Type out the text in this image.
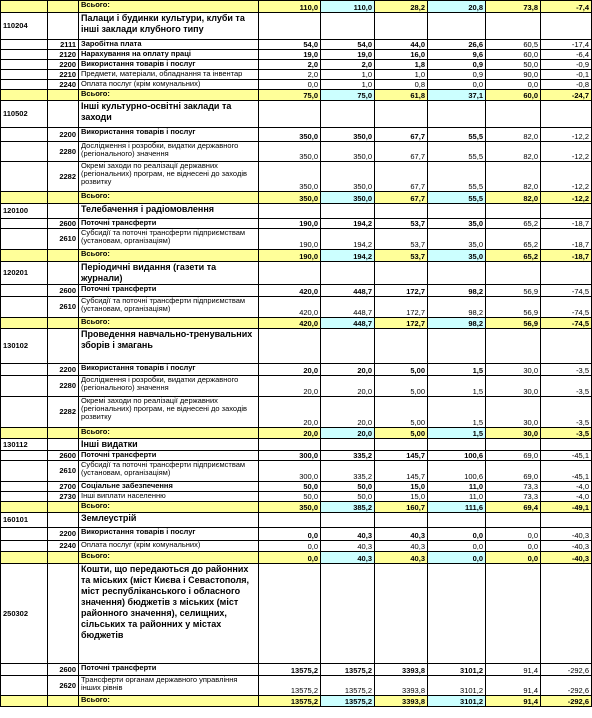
		Всього:	110,0	110,0	28,2	20,8	73,8	-7,4
110204		Палаци і будинки культури, клуби та інші заклади клубного типу						
	2111	Заробітна плата	54,0	54,0	44,0	26,6	60,5	-17,4
	2120	Нарахування на оплату праці	19,0	19,0	16,0	9,6	60,0	-6,4
	2200	Використання товарів і послуг	2,0	2,0	1,8	0,9	50,0	-0,9
	2210	Предмети, матеріали, обладнання та інвентар	2,0	1,0	1,0	0,9	90,0	-0,1
	2240	Оплата послуг (крім комунальних)	0,0	1,0	0,8	0,0	0,0	-0,8
		Всього:	75,0	75,0	61,8	37,1	60,0	-24,7
110502		Інші культурно-освітні заклади та заходи						
	2200	Використання товарів і послуг	350,0	350,0	67,7	55,5	82,0	-12,2
	2280	Дослідження і розробки, видатки державного (регіонального) значення	350,0	350,0	67,7	55,5	82,0	-12,2
	2282	Окремі заходи по реалізації державних (регіональних) програм, не віднесені до заходів розвитку	350,0	350,0	67,7	55,5	82,0	-12,2
		Всього:	350,0	350,0	67,7	55,5	82,0	-12,2
120100		Телебачення і радіомовлення						
	2600	Поточні трансферти	190,0	194,2	53,7	35,0	65,2	-18,7
	2610	Субсидії та поточні трансферти підприємствам (установам, організаціям)	190,0	194,2	53,7	35,0	65,2	-18,7
		Всього:	190,0	194,2	53,7	35,0	65,2	-18,7
120201		Періодичні видання (газети та журнали)						
	2600	Поточні трансферти	420,0	448,7	172,7	98,2	56,9	-74,5
	2610	Субсидії та поточні трансферти підприємствам (установам, організаціям)	420,0	448,7	172,7	98,2	56,9	-74,5
		Всього:	420,0	448,7	172,7	98,2	56,9	-74,5
130102		Проведення навчально-тренувальних зборів і змагань						
	2200	Використання товарів і послуг	20,0	20,0	5,00	1,5	30,0	-3,5
	2280	Дослідження і розробки, видатки державного (регіонального) значення	20,0	20,0	5,00	1,5	30,0	-3,5
	2282	Окремі заходи по реалізації державних (регіональних) програм, не віднесені до заходів розвитку	20,0	20,0	5,00	1,5	30,0	-3,5
		Всього:	20,0	20,0	5,00	1,5	30,0	-3,5
130112		Інші видатки						
	2600	Поточні трансферти	300,0	335,2	145,7	100,6	69,0	-45,1
	2610	Субсидії та поточні трансферти підприємствам (установам, організаціям)	300,0	335,2	145,7	100,6	69,0	-45,1
	2700	Соціальне забезпечення	50,0	50,0	15,0	11,0	73,3	-4,0
	2730	Інші виплати населенню	50,0	50,0	15,0	11,0	73,3	-4,0
		Всього:	350,0	385,2	160,7	111,6	69,4	-49,1
160101		Землеустрій						
	2200	Використання товарів і послуг	0,0	40,3	40,3	0,0	0,0	-40,3
	2240	Оплата послуг (крім комунальних)	0,0	40,3	40,3	0,0	0,0	-40,3
		Всього:	0,0	40,3	40,3	0,0	0,0	-40,3
250302		Кошти, що передаються до районних та міських (міст Києва і Севастополя, міст республіканського і обласного значення) бюджетів з міських (міст районного значення), селищних, сільських та районних у містах бюджетів						
	2600	Поточні трансферти	13575,2	13575,2	3393,8	3101,2	91,4	-292,6
	2620	Трансферти органам державного управління інших рівнів	13575,2	13575,2	3393,8	3101,2	91,4	-292,6
		Всього:	13575,2	13575,2	3393,8	3101,2	91,4	-292,6
